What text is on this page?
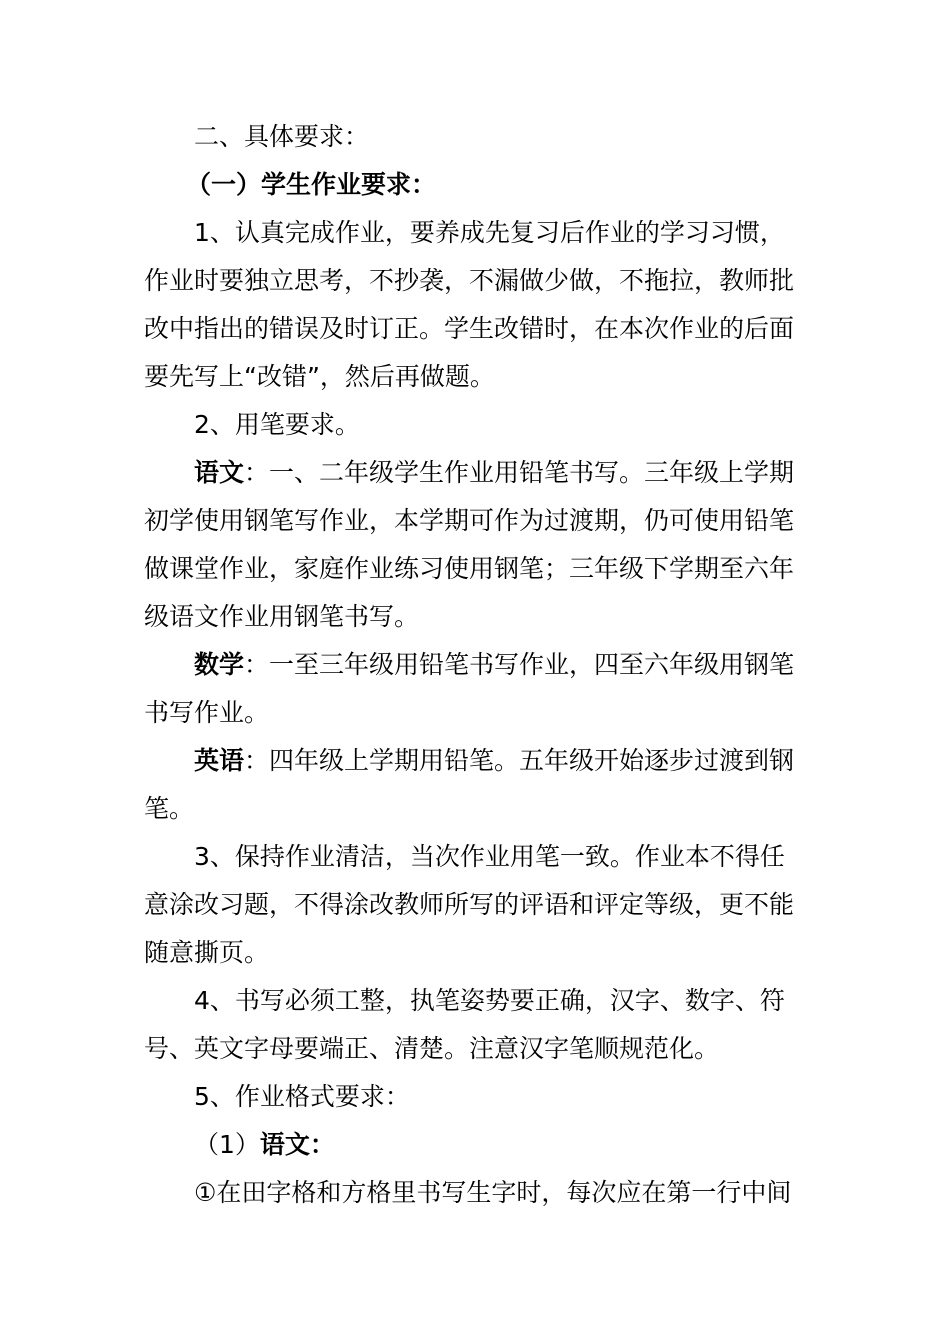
二、具体要求：
（一）学生作业要求：
1、认真完成作业，要养成先复习后作业的学习习惯，
作业时要独立思考，不抄袭，不漏做少做，不拖拉，教师批
改中指出的错误及时订正。学生改错时，在本次作业的后面
要先写上“改错”，然后再做题。
2、用笔要求。
语文：一、二年级学生作业用铅笔书写。三年级上学期
初学使用钢笔写作业，本学期可作为过渡期，仍可使用铅笔
做课堂作业，家庭作业练习使用钢笔；三年级下学期至六年
级语文作业用钢笔书写。
数学：一至三年级用铅笔书写作业，四至六年级用钢笔
书写作业。
英语：四年级上学期用铅笔。五年级开始逐步过渡到钢
笔。
3、保持作业清洁，当次作业用笔一致。作业本不得任
意涂改习题，不得涂改教师所写的评语和评定等级，更不能
随意撕页。
4、书写必须工整，执笔姿势要正确，汉字、数字、符
号、英文字母要端正、清楚。注意汉字笔顺规范化。
5、作业格式要求：
（1）语文：
①在田字格和方格里书写生字时，每次应在第一行中间
